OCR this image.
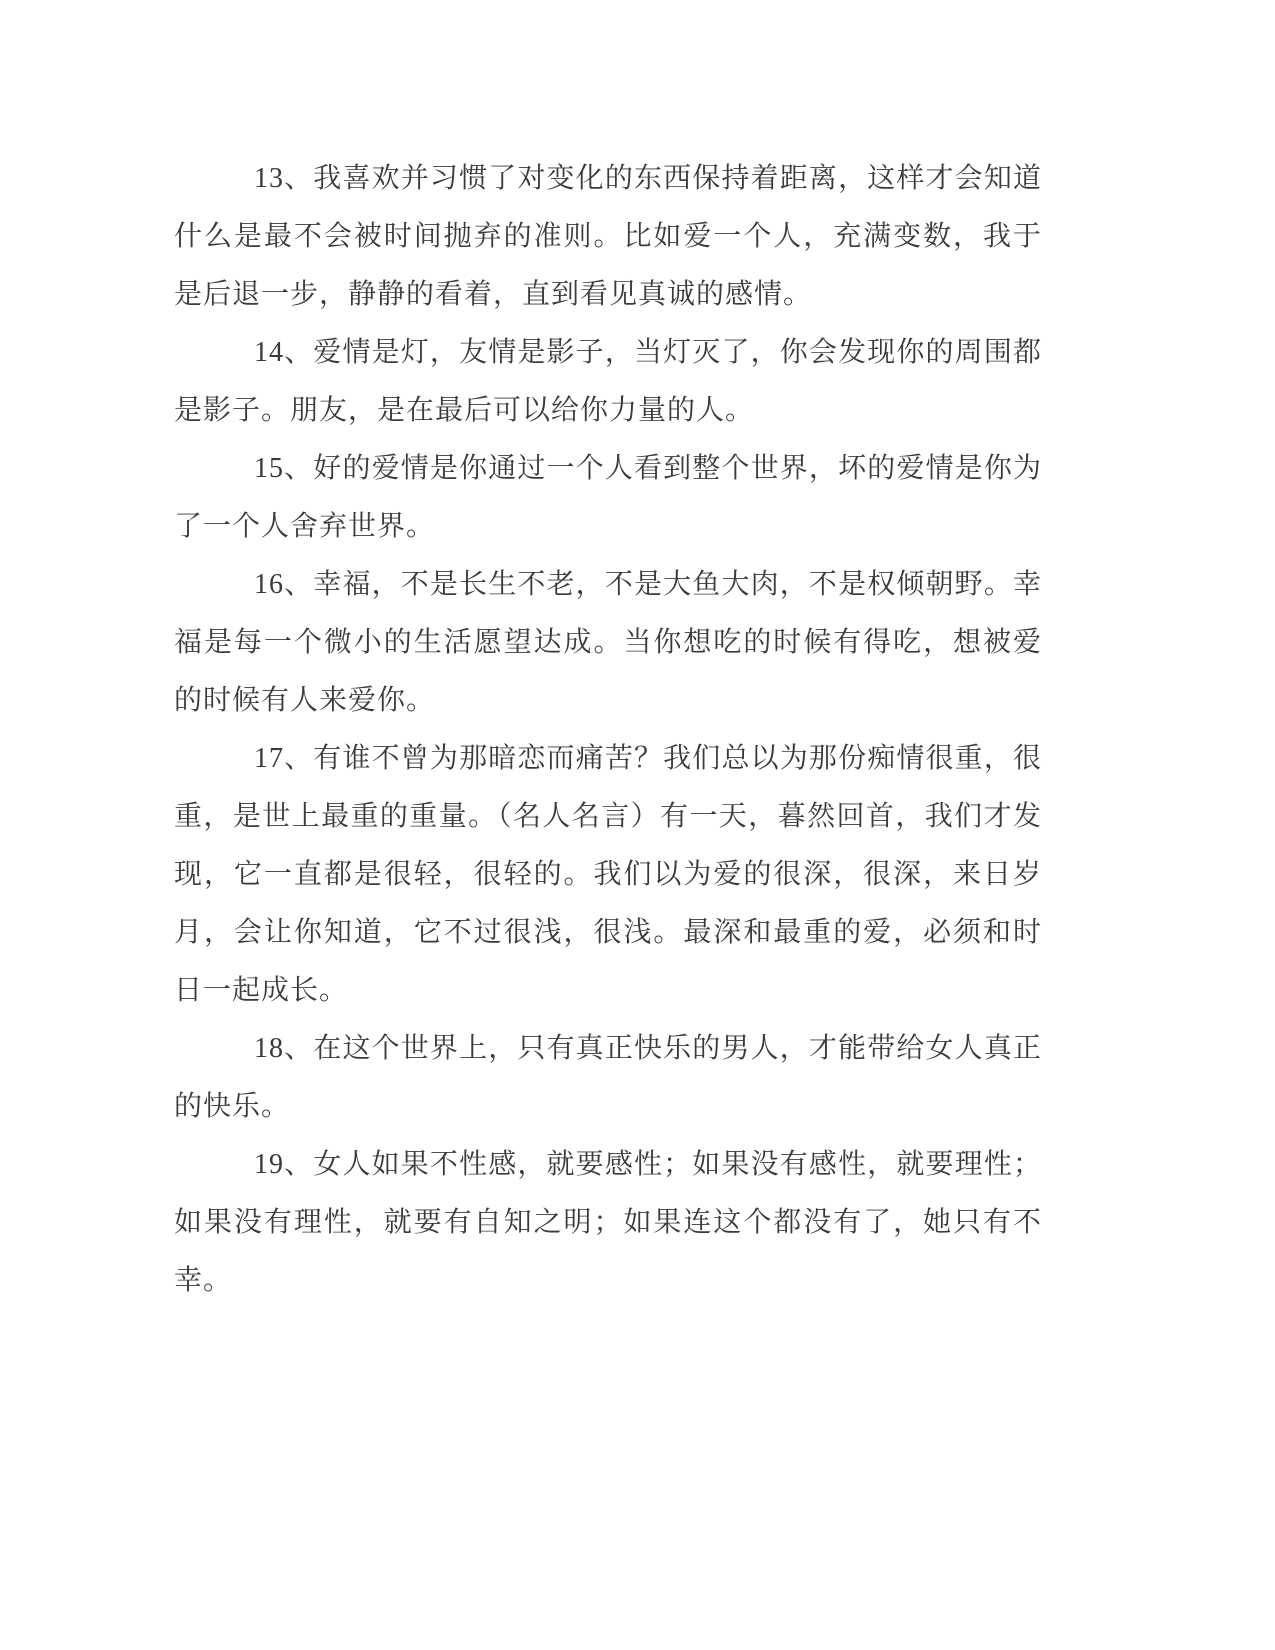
13、我喜欢并习惯了对变化的东西保持着距离，这样才会知道什么是最不会被时间抛弃的准则。比如爱一个人，充满变数，我于是后退一步，静静的看着，直到看见真诚的感情。

14、爱情是灯，友情是影子，当灯灭了，你会发现你的周围都是影子。朋友，是在最后可以给你力量的人。

15、好的爱情是你通过一个人看到整个世界，坏的爱情是你为了一个人舍弃世界。

16、幸福，不是长生不老，不是大鱼大肉，不是权倾朝野。幸福是每一个微小的生活愿望达成。当你想吃的时候有得吃，想被爱的时候有人来爱你。

17、有谁不曾为那暗恋而痛苦？我们总以为那份痴情很重，很重，是世上最重的重量。（名人名言）有一天，暮然回首，我们才发现，它一直都是很轻，很轻的。我们以为爱的很深，很深，来日岁月，会让你知道，它不过很浅，很浅。最深和最重的爱，必须和时日一起成长。

18、在这个世界上，只有真正快乐的男人，才能带给女人真正的快乐。

19、女人如果不性感，就要感性；如果没有感性，就要理性；如果没有理性，就要有自知之明；如果连这个都没有了，她只有不幸。
